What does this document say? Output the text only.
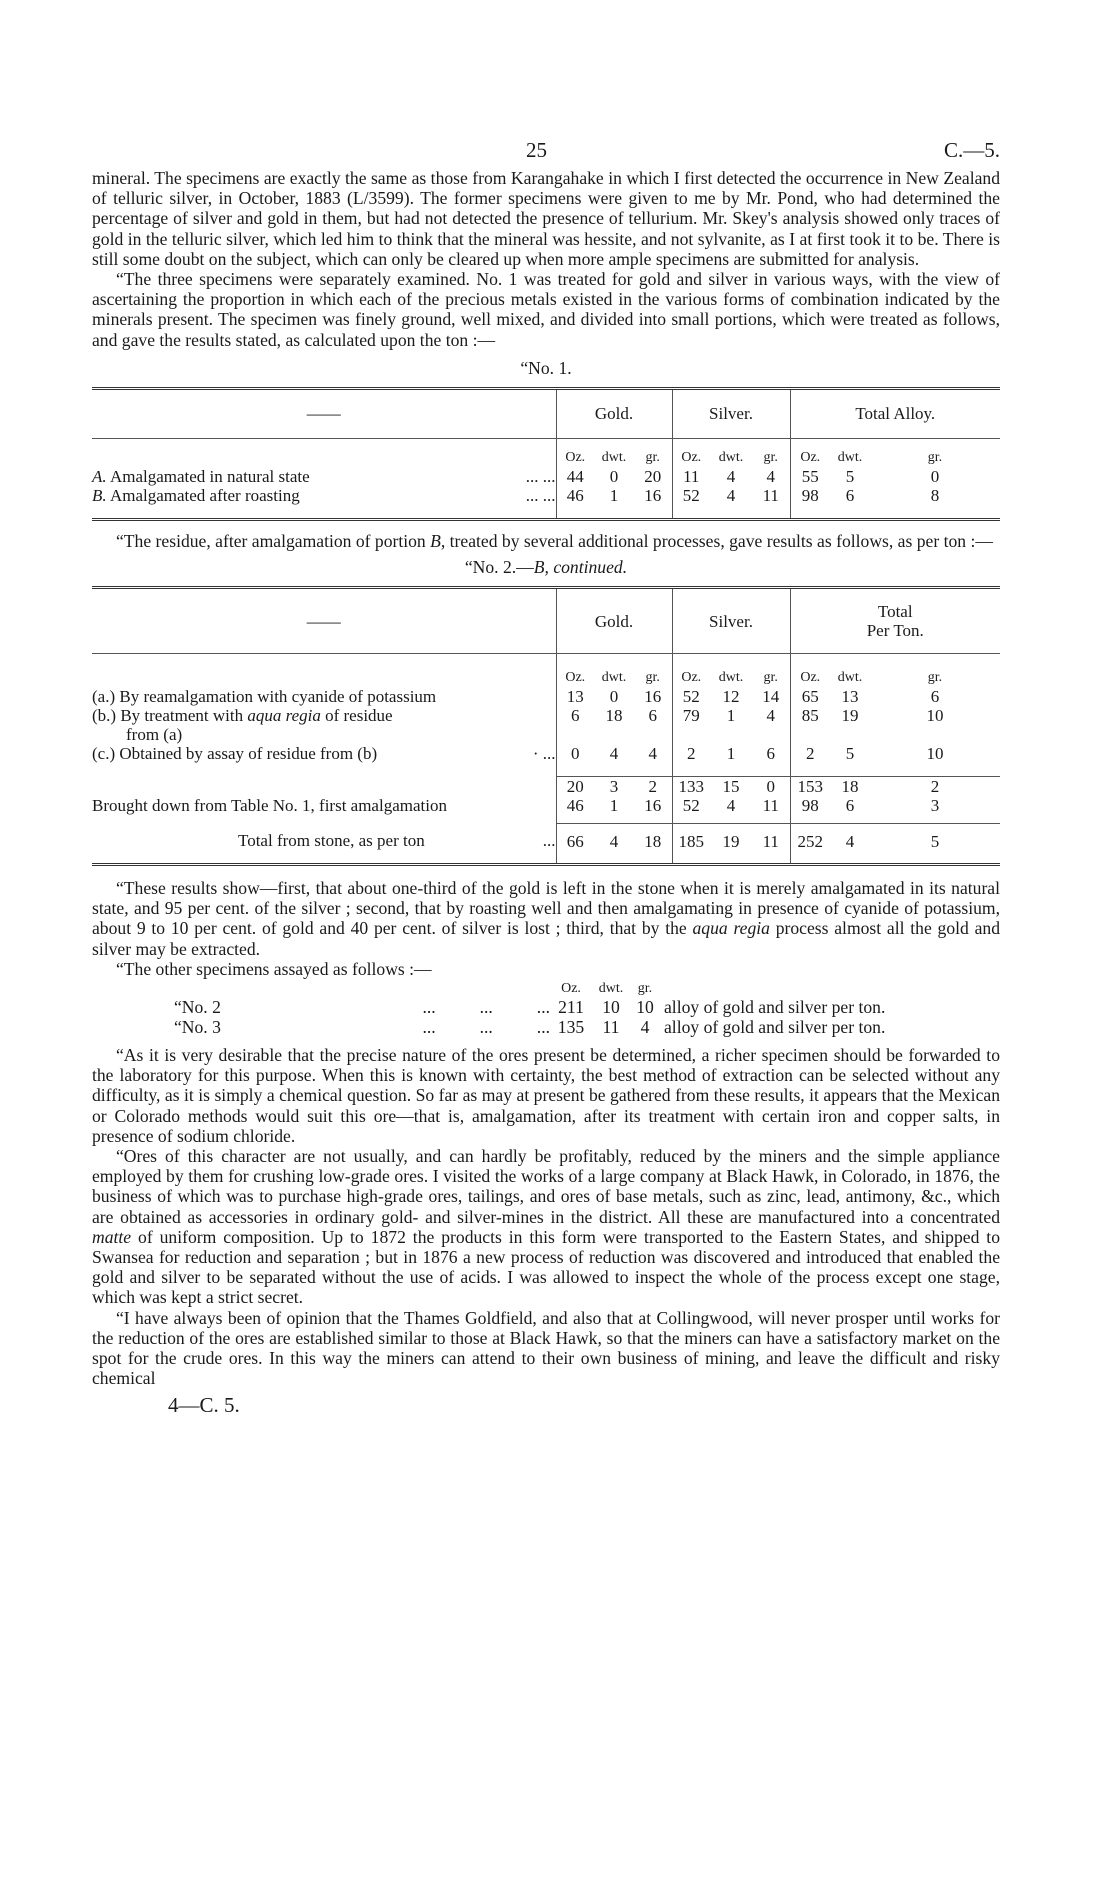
25	C.—5.

mineral. The specimens are exactly the same as those from Karangahake in which I first detected the occurrence in New Zealand of telluric silver, in October, 1883 (L/3599). The former specimens were given to me by Mr. Pond, who had determined the percentage of silver and gold in them, but had not detected the presence of tellurium. Mr. Skey's analysis showed only traces of gold in the telluric silver, which led him to think that the mineral was hessite, and not sylvanite, as I at first took it to be. There is still some doubt on the subject, which can only be cleared up when more ample specimens are submitted for analysis.

“The three specimens were separately examined. No. 1 was treated for gold and silver in various ways, with the view of ascertaining the proportion in which each of the precious metals existed in the various forms of combination indicated by the minerals present. The specimen was finely ground, well mixed, and divided into small portions, which were treated as follows, and gave the results stated, as calculated upon the ton :—

“No. 1.
——	Gold.			Silver.			Total Alloy.		

	Oz.	dwt.	gr.	Oz.	dwt.	gr.	Oz.	dwt.	gr.
A. Amalgamated in natural state ... ...	44	0	20	11	4	4	55	5	0
B. Amalgamated after roasting ... ...	46	1	16	52	4	11	98	6	8

“The residue, after amalgamation of portion B, treated by several additional processes, gave results as follows, as per ton :—

“No. 2.—B, continued.
——	Gold.			Silver.			Total
Per Ton.		

	Oz.	dwt.	gr.	Oz.	dwt.	gr.	Oz.	dwt.	gr.
(a.) By reamalgamation with cyanide of potassium	13	0	16	52	12	14	65	13	6
(b.) By treatment with aqua regia of residue
from (a)	6	18	6	79	1	4	85	19	10
(c.) Obtained by assay of residue from (b) · ...	0	4	4	2	1	6	2	5	10

	20	3	2	133	15	0	153	18	2
Brought down from Table No. 1, first amalgamation	46	1	16	52	4	11	98	6	3

Total from stone, as per ton ...	66	4	18	185	19	11	252	4	5

“These results show—first, that about one-third of the gold is left in the stone when it is merely amalgamated in its natural state, and 95 per cent. of the silver ; second, that by roasting well and then amalgamating in presence of cyanide of potassium, about 9 to 10 per cent. of gold and 40 per cent. of silver is lost ; third, that by the aqua regia process almost all the gold and silver may be extracted.

“The other specimens assayed as follows :—

Oz.	dwt.	gr.
“No. 2	...          ...          ... 211	10 10 alloy of gold and silver per ton.
“No. 3	...          ...          ... 135	11	4 alloy of gold and silver per ton.

“As it is very desirable that the precise nature of the ores present be determined, a richer specimen should be forwarded to the laboratory for this purpose. When this is known with certainty, the best method of extraction can be selected without any difficulty, as it is simply a chemical question. So far as may at present be gathered from these results, it appears that the Mexican or Colorado methods would suit this ore—that is, amalgamation, after its treatment with certain iron and copper salts, in presence of sodium chloride.

“Ores of this character are not usually, and can hardly be profitably, reduced by the miners and the simple appliance employed by them for crushing low-grade ores. I visited the works of a large company at Black Hawk, in Colorado, in 1876, the business of which was to purchase high-grade ores, tailings, and ores of base metals, such as zinc, lead, antimony, &c., which are obtained as accessories in ordinary gold- and silver-mines in the district. All these are manufactured into a concentrated matte of uniform composition. Up to 1872 the products in this form were transported to the Eastern States, and shipped to Swansea for reduction and separation ; but in 1876 a new process of reduction was discovered and introduced that enabled the gold and silver to be separated without the use of acids. I was allowed to inspect the whole of the process except one stage, which was kept a strict secret.

“I have always been of opinion that the Thames Goldfield, and also that at Collingwood, will never prosper until works for the reduction of the ores are established similar to those at Black Hawk, so that the miners can have a satisfactory market on the spot for the crude ores. In this way the miners can attend to their own business of mining, and leave the difficult and risky chemical

4—C. 5.
